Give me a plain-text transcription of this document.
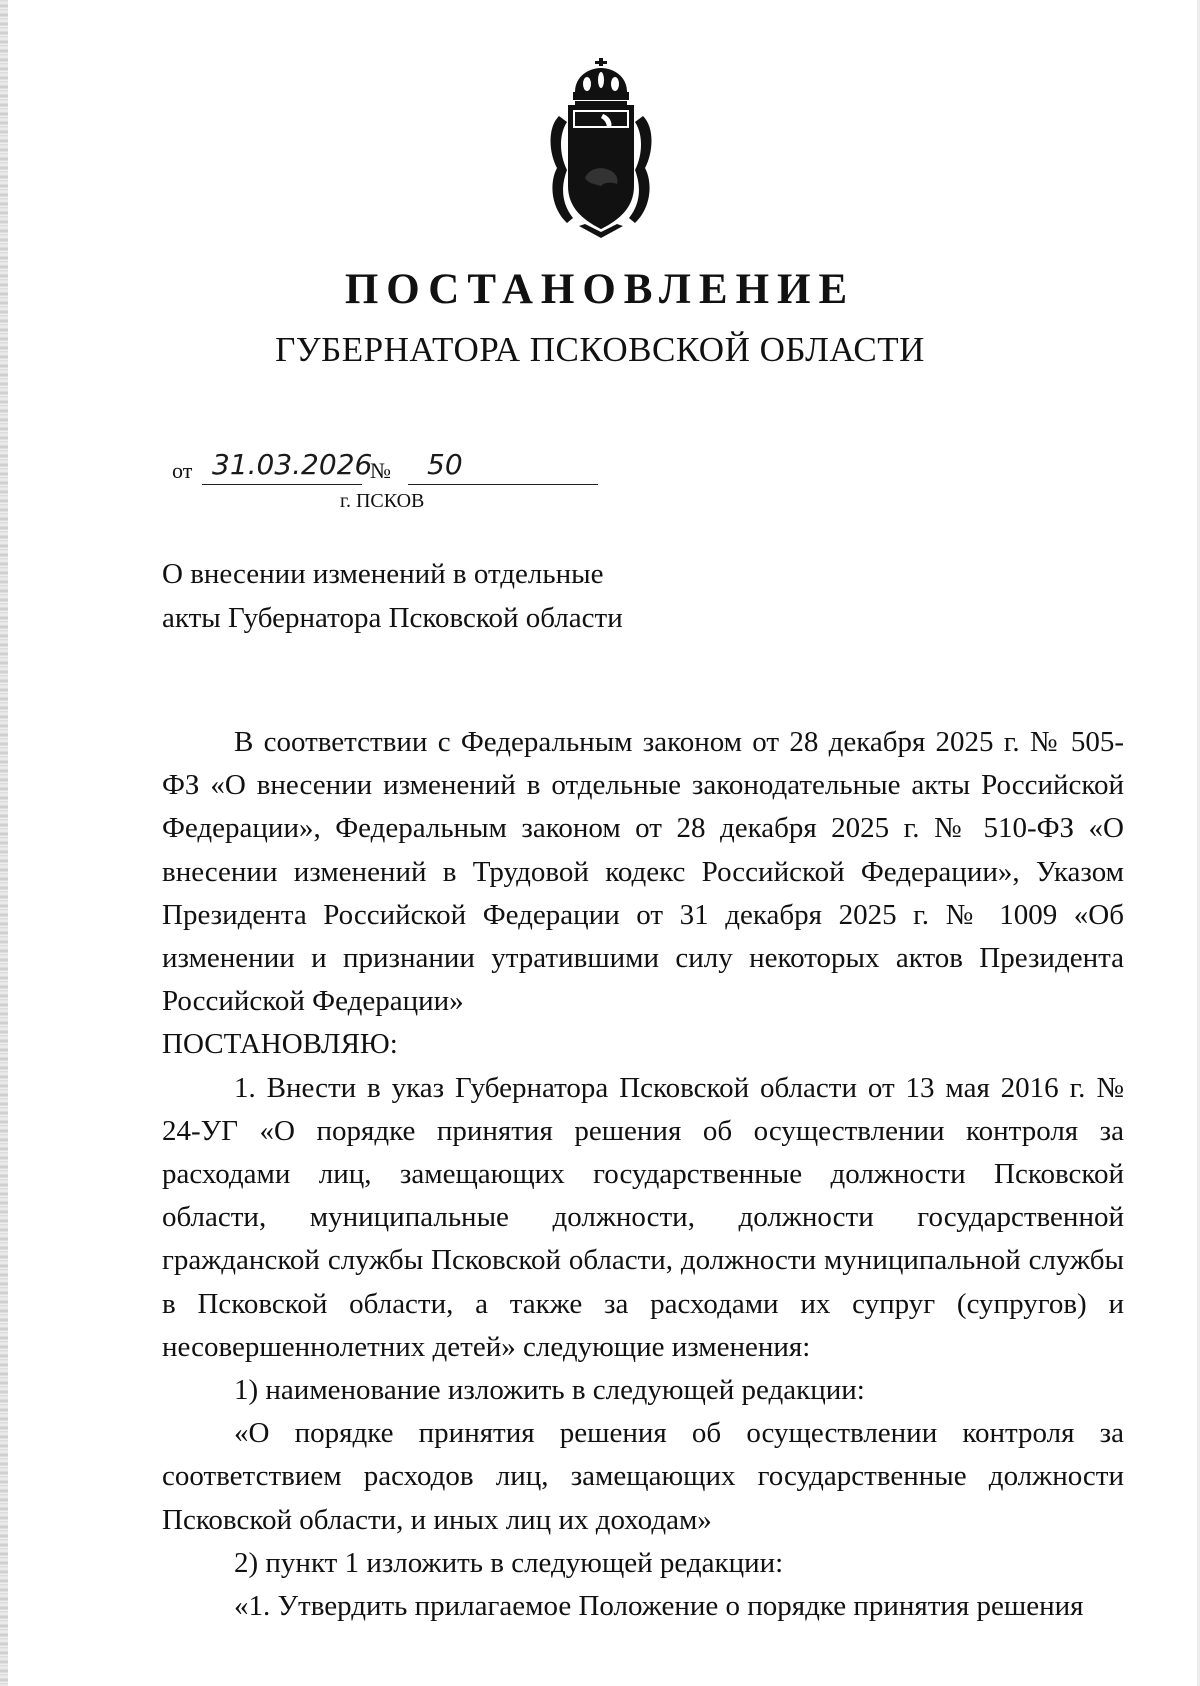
ПОСТАНОВЛЕНИЕ
ГУБЕРНАТОРА ПСКОВСКОЙ ОБЛАСТИ
от 31.03.2026
№ 50
г. ПСКОВ
О внесении изменений в отдельные
акты Губернатора Псковской области

В соответствии с Федеральным законом от 28 декабря 2025 г. № 505-ФЗ «О внесении изменений в отдельные законодательные акты Российской Федерации», Федеральным законом от 28 декабря 2025 г. № 510-ФЗ «О внесении изменений в Трудовой кодекс Российской Федерации», Указом Президента Российской Федерации от 31 декабря 2025 г. № 1009 «Об изменении и признании утратившими силу некоторых актов Президента Российской Федерации»

ПОСТАНОВЛЯЮ:

1. Внести в указ Губернатора Псковской области от 13 мая 2016 г. № 24-УГ «О порядке принятия решения об осуществлении контроля за расходами лиц, замещающих государственные должности Псковской области, муниципальные должности, должности государственной гражданской службы Псковской области, должности муниципальной службы в Псковской области, а также за расходами их супруг (супругов) и несовершеннолетних детей» следующие изменения:

1) наименование изложить в следующей редакции:

«О порядке принятия решения об осуществлении контроля за соответствием расходов лиц, замещающих государственные должности Псковской области, и иных лиц их доходам»

2) пункт 1 изложить в следующей редакции:

«1. Утвердить прилагаемое Положение о порядке принятия решения
